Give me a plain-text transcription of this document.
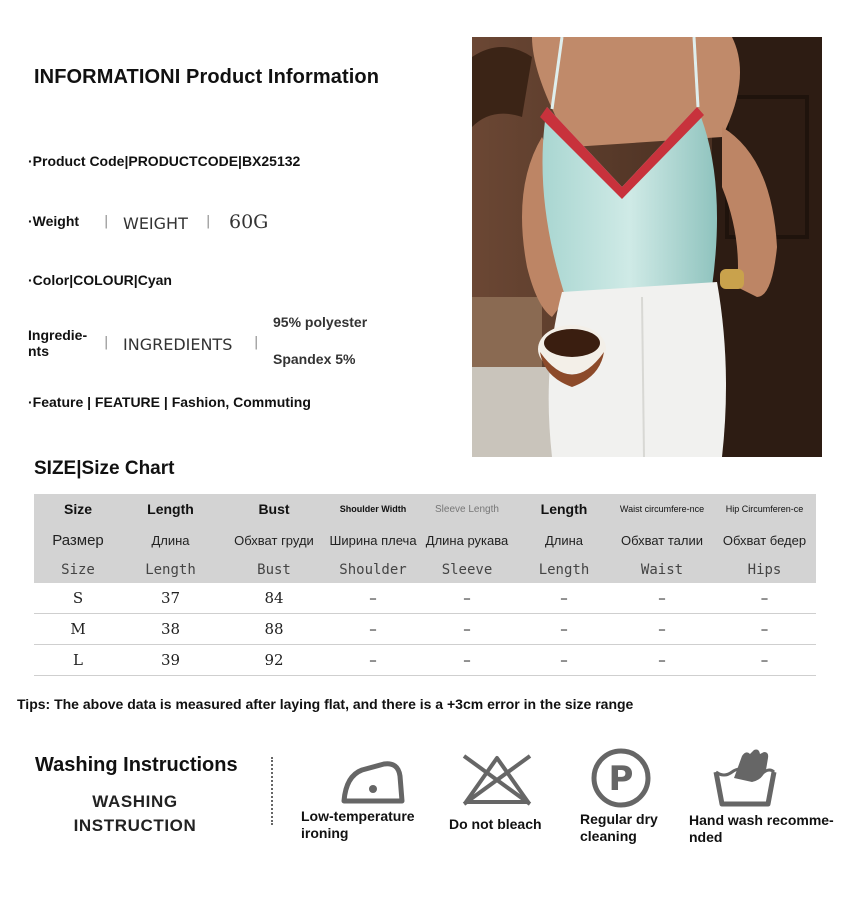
INFORMATIONI Product Information
·Product Code|PRODUCTCODE|BX25132
·Weight | WEIGHT | 60G
·Color|COLOUR|Cyan
Ingredie-
nts
| INGREDIENTS |
95% polyester
Spandex 5%
·Feature | FEATURE | Fashion, Commuting
SIZE|Size Chart
Size	Length	Bust	Shoulder Width	Sleeve Length	Length	Waist circumfere-nce	Hip Circumferen-ce
Размер	Длина	Обхват груди	Ширина плеча	Длина рукава	Длина	Обхват талии	Обхват бедер
Size	Length	Bust	Shoulder	Sleeve	Length	Waist	Hips
S	37	84	–	–	–	–	–
M	38	88	–	–	–	–	–
L	39	92	–	–	–	–	–
Tips: The above data is measured after laying flat, and there is a +3cm error in the size range
Washing Instructions
WASHING
INSTRUCTION	Low-temperature
ironing
Do not bleach
P
Regular dry
cleaning
Hand wash recomme-
nded
